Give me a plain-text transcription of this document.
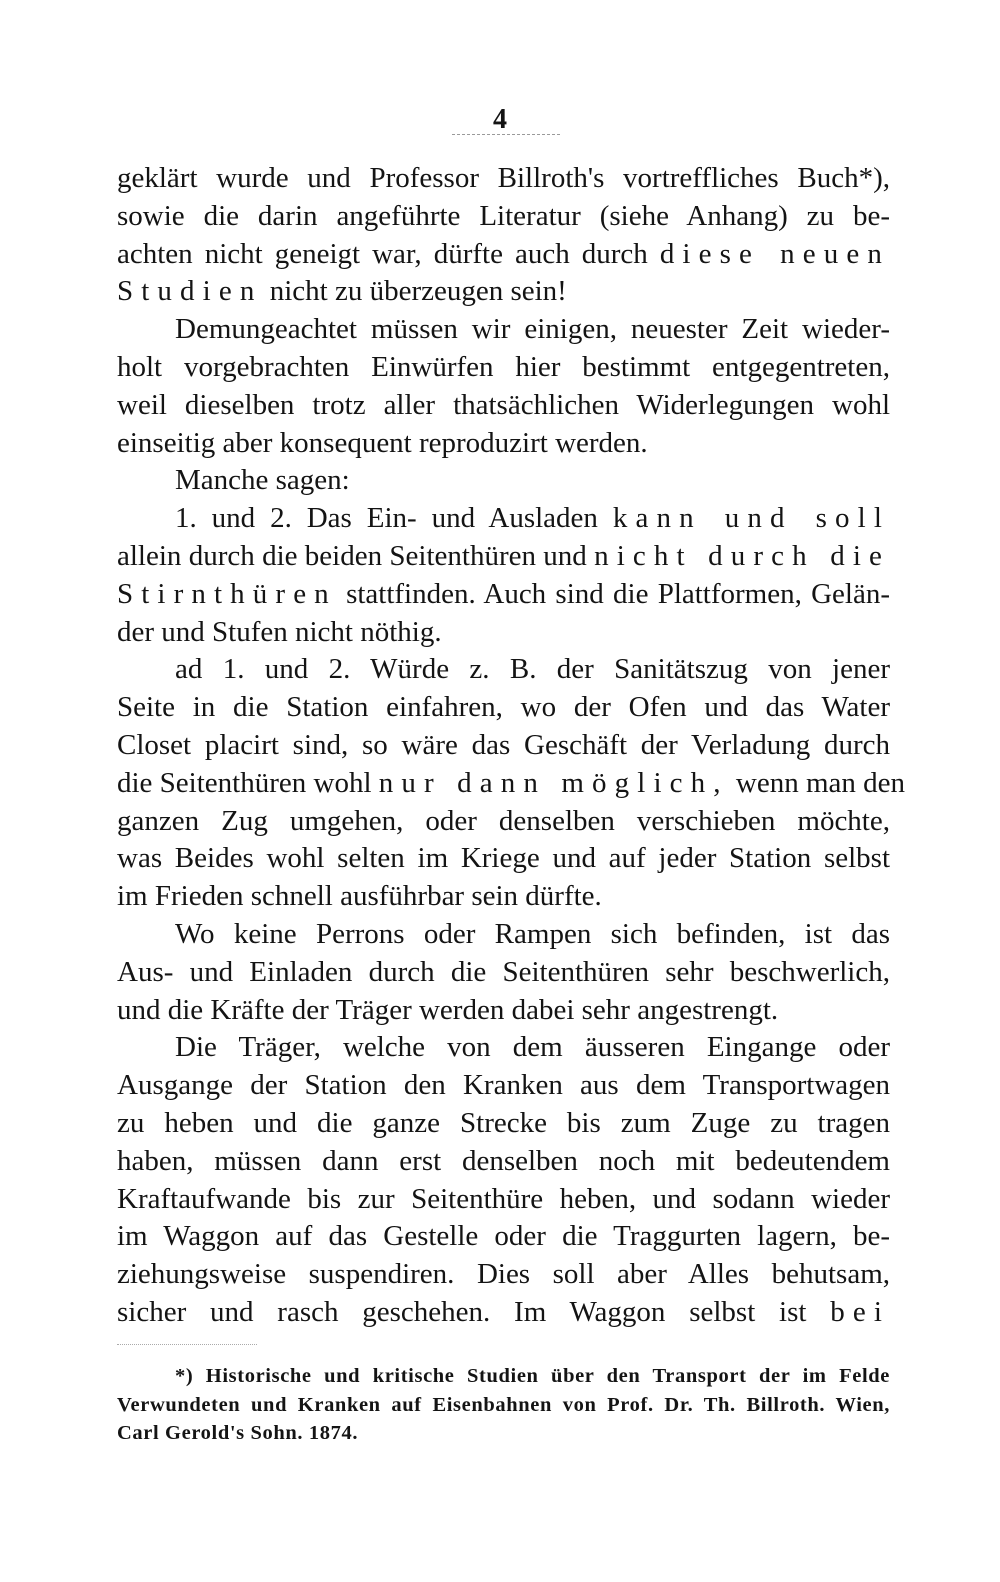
4
geklärt wurde und Professor Billroth's vortreffliches Buch*),
sowie die darin angeführte Literatur (siehe Anhang) zu be-
achten nicht geneigt war, dürfte auch durch diese neuen
Studien nicht zu überzeugen sein!
Demungeachtet müssen wir einigen, neuester Zeit wieder-
holt vorgebrachten Einwürfen hier bestimmt entgegentreten,
weil dieselben trotz aller thatsächlichen Widerlegungen wohl
einseitig aber konsequent reproduzirt werden.
Manche sagen:
1. und 2. Das Ein- und Ausladen kann und soll
allein durch die beiden Seitenthüren und nicht durch die
Stirnthüren stattfinden. Auch sind die Plattformen, Gelän-
der und Stufen nicht nöthig.
ad 1. und 2. Würde z. B. der Sanitätszug von jener
Seite in die Station einfahren, wo der Ofen und das Water
Closet placirt sind, so wäre das Geschäft der Verladung durch
die Seitenthüren wohl nur dann möglich, wenn man den
ganzen Zug umgehen, oder denselben verschieben möchte,
was Beides wohl selten im Kriege und auf jeder Station selbst
im Frieden schnell ausführbar sein dürfte.
Wo keine Perrons oder Rampen sich befinden, ist das
Aus- und Einladen durch die Seitenthüren sehr beschwerlich,
und die Kräfte der Träger werden dabei sehr angestrengt.
Die Träger, welche von dem äusseren Eingange oder
Ausgange der Station den Kranken aus dem Transportwagen
zu heben und die ganze Strecke bis zum Zuge zu tragen
haben, müssen dann erst denselben noch mit bedeutendem
Kraftaufwande bis zur Seitenthüre heben, und sodann wieder
im Waggon auf das Gestelle oder die Traggurten lagern, be-
ziehungsweise suspendiren. Dies soll aber Alles behutsam,
sicher und rasch geschehen. Im Waggon selbst ist bei
*) Historische und kritische Studien über den Transport der im Felde
Verwundeten und Kranken auf Eisenbahnen von Prof. Dr. Th. Billroth. Wien,
Carl Gerold's Sohn. 1874.
